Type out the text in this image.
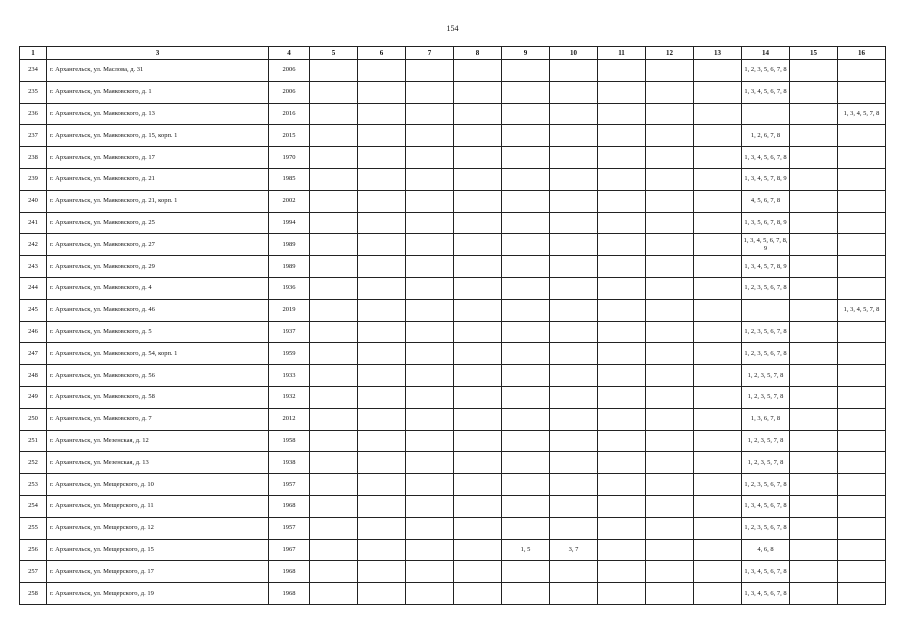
154
1	3	4	5	6	7	8	9	10	11	12	13	14	15	16
234	г. Архангельск, ул. Маслова, д. 31	2006										1, 2, 3, 5, 6, 7, 8		
235	г. Архангельск, ул. Маяковского, д. 1	2006										1, 3, 4, 5, 6, 7, 8		
236	г. Архангельск, ул. Маяковского, д. 13	2016												1, 3, 4, 5, 7, 8
237	г. Архангельск, ул. Маяковского, д. 15, корп. 1	2015										1, 2, 6, 7, 8		
238	г. Архангельск, ул. Маяковского, д. 17	1970										1, 3, 4, 5, 6, 7, 8		
239	г. Архангельск, ул. Маяковского, д. 21	1985										1, 3, 4, 5, 7, 8, 9		
240	г. Архангельск, ул. Маяковского, д. 21, корп. 1	2002										4, 5, 6, 7, 8		
241	г. Архангельск, ул. Маяковского, д. 25	1994										1, 3, 5, 6, 7, 8, 9		
242	г. Архангельск, ул. Маяковского, д. 27	1989										1, 3, 4, 5, 6, 7, 8, 9		
243	г. Архангельск, ул. Маяковского, д. 29	1989										1, 3, 4, 5, 7, 8, 9		
244	г. Архангельск, ул. Маяковского, д. 4	1936										1, 2, 3, 5, 6, 7, 8		
245	г. Архангельск, ул. Маяковского, д. 46	2019												1, 3, 4, 5, 7, 8
246	г. Архангельск, ул. Маяковского, д. 5	1937										1, 2, 3, 5, 6, 7, 8		
247	г. Архангельск, ул. Маяковского, д. 54, корп. 1	1959										1, 2, 3, 5, 6, 7, 8		
248	г. Архангельск, ул. Маяковского, д. 56	1933										1, 2, 3, 5, 7, 8		
249	г. Архангельск, ул. Маяковского, д. 58	1932										1, 2, 3, 5, 7, 8		
250	г. Архангельск, ул. Маяковского, д. 7	2012										1, 3, 6, 7, 8		
251	г. Архангельск, ул. Мезенская, д. 12	1958										1, 2, 3, 5, 7, 8		
252	г. Архангельск, ул. Мезенская, д. 13	1938										1, 2, 3, 5, 7, 8		
253	г. Архангельск, ул. Мещерского, д. 10	1957										1, 2, 3, 5, 6, 7, 8		
254	г. Архангельск, ул. Мещерского, д. 11	1968										1, 3, 4, 5, 6, 7, 8		
255	г. Архангельск, ул. Мещерского, д. 12	1957										1, 2, 3, 5, 6, 7, 8		
256	г. Архангельск, ул. Мещерского, д. 15	1967					1, 5	3, 7				4, 6, 8		
257	г. Архангельск, ул. Мещерского, д. 17	1968										1, 3, 4, 5, 6, 7, 8		
258	г. Архангельск, ул. Мещерского, д. 19	1968										1, 3, 4, 5, 6, 7, 8		
